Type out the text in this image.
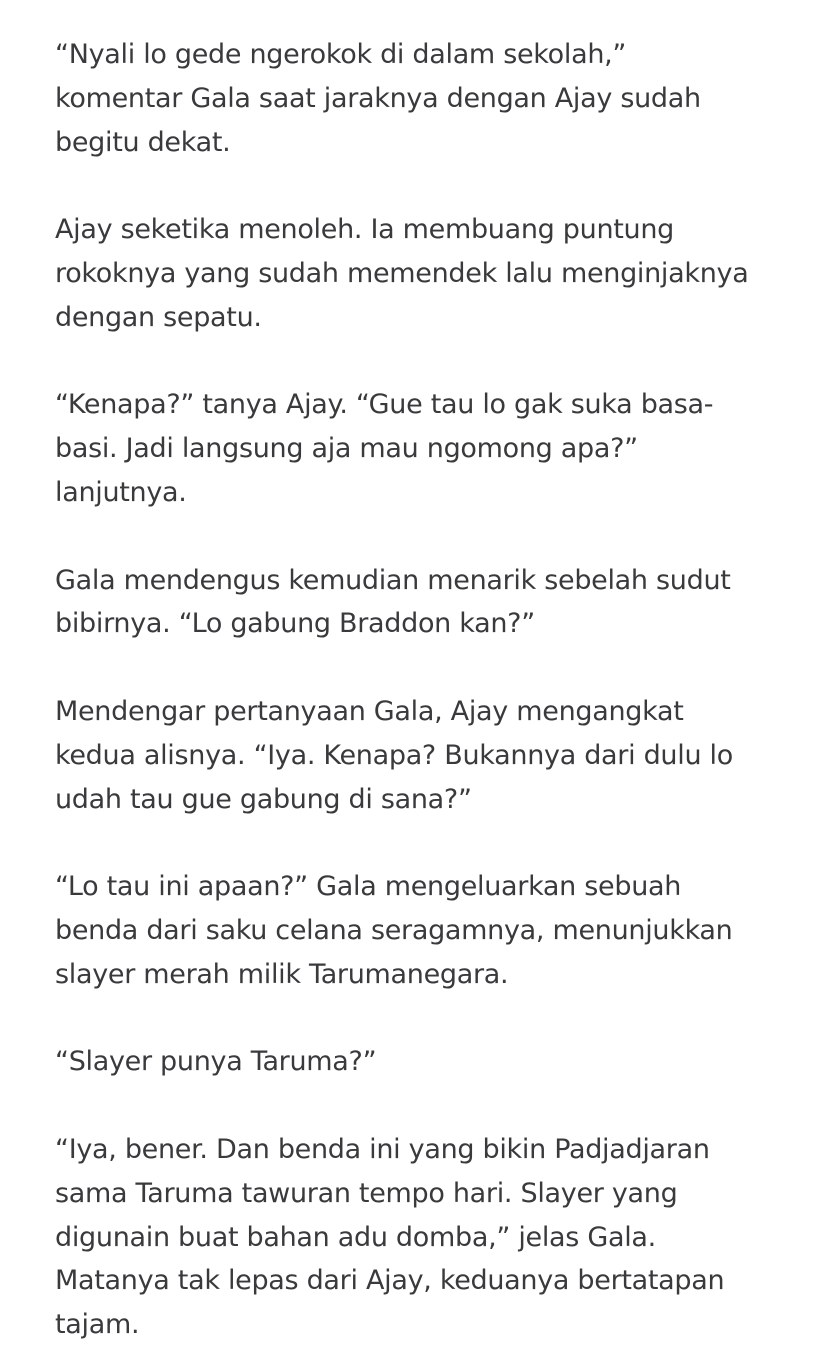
“Nyali lo gede ngerokok di dalam sekolah,”
komentar Gala saat jaraknya dengan Ajay sudah
begitu dekat.

Ajay seketika menoleh. Ia membuang puntung
rokoknya yang sudah memendek lalu menginjaknya
dengan sepatu.

“Kenapa?” tanya Ajay. “Gue tau lo gak suka basa-
basi. Jadi langsung aja mau ngomong apa?”
lanjutnya.

Gala mendengus kemudian menarik sebelah sudut
bibirnya. “Lo gabung Braddon kan?”

Mendengar pertanyaan Gala, Ajay mengangkat
kedua alisnya. “Iya. Kenapa? Bukannya dari dulu lo
udah tau gue gabung di sana?”

“Lo tau ini apaan?” Gala mengeluarkan sebuah
benda dari saku celana seragamnya, menunjukkan
slayer merah milik Tarumanegara.

“Slayer punya Taruma?”

“Iya, bener. Dan benda ini yang bikin Padjadjaran
sama Taruma tawuran tempo hari. Slayer yang
digunain buat bahan adu domba,” jelas Gala.
Matanya tak lepas dari Ajay, keduanya bertatapan
tajam.
